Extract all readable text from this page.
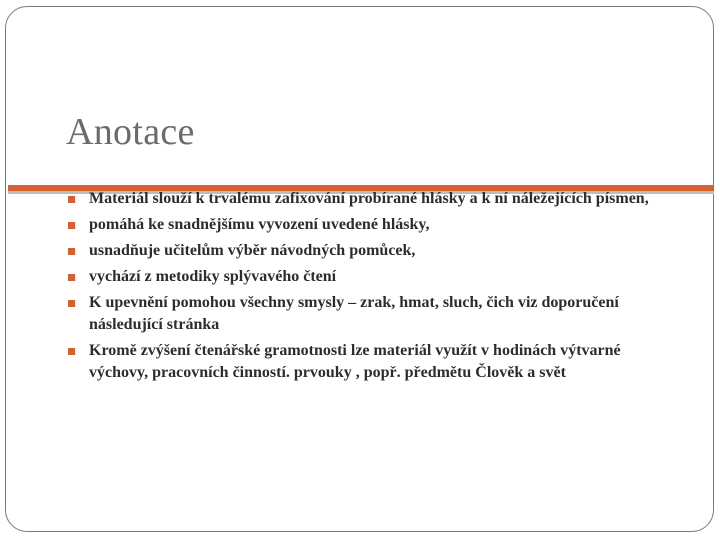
Anotace
Materiál slouží k trvalému zafixování probírané hlásky a k ní náležejících písmen,
pomáhá ke snadnějšímu vyvození uvedené hlásky,
usnadňuje učitelům výběr návodných pomůcek,
vychází z metodiky splývavého čtení
K upevnění pomohou všechny smysly – zrak, hmat, sluch, čich viz doporučení následující stránka
Kromě zvýšení čtenářské gramotnosti lze materiál využít v hodinách výtvarné výchovy, pracovních činností. prvouky , popř. předmětu Člověk a svět
